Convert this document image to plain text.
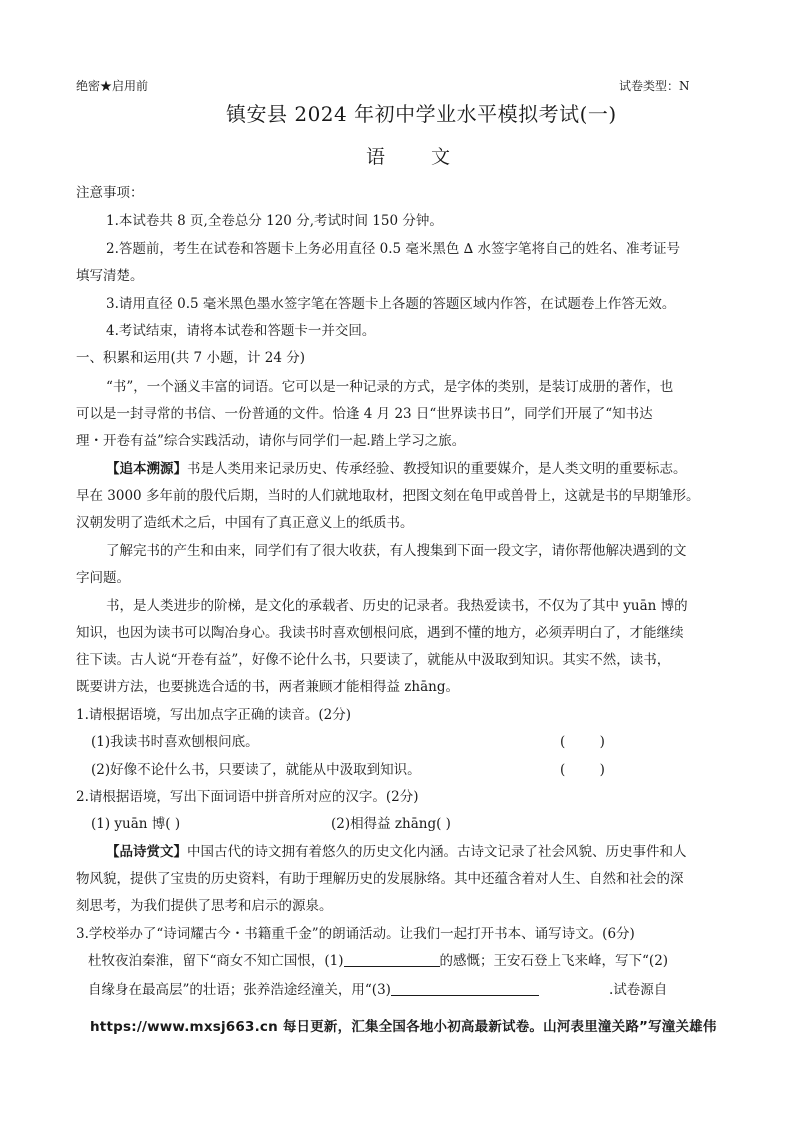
绝密★启用前	试卷类型：N
镇安县 2024 年初中学业水平模拟考试(一)
语 文
注意事项：
1.本试卷共 8 页,全卷总分 120 分,考试时间 150 分钟。
2.答题前，考生在试卷和答题卡上务必用直径 0.5 毫米黑色 ∆ 水签字笔将自己的姓名、准考证号
填写清楚。
3.请用直径 0.5 毫米黑色墨水签字笔在答题卡上各题的答题区域内作答，在试题卷上作答无效。
4.考试结束，请将本试卷和答题卡一并交回。
一、积累和运用(共 7 小题，计 24 分)
“书”，一个涵义丰富的词语。它可以是一种记录的方式，是字体的类别，是装订成册的著作，也
可以是一封寻常的书信、一份普通的文件。恰逢 4 月 23 日“世界读书日”，同学们开展了“知书达
理・开卷有益”综合实践活动，请你与同学们一起.踏上学习之旅。
【追本溯源】书是人类用来记录历史、传承经验、教授知识的重要媒介，是人类文明的重要标志。
早在 3000 多年前的殷代后期，当时的人们就地取材，把图文刻在龟甲或兽骨上，这就是书的早期雏形。
汉朝发明了造纸术之后，中国有了真正意义上的纸质书。
了解完书的产生和由来，同学们有了很大收获，有人搜集到下面一段文字，请你帮他解决遇到的文
字问题。
书，是人类进步的阶梯，是文化的承载者、历史的记录者。我热爱读书，不仅为了其中 yuān 博的
知识，也因为读书可以陶冶身心。我读书时喜欢刨根问底，遇到不懂的地方，必须弄明白了，才能继续
往下读。古人说“开卷有益”，好像不论什么书，只要读了，就能从中汲取到知识。其实不然，读书，
既要讲方法，也要挑选合适的书，两者兼顾才能相得益 zhāng。
1.请根据语境，写出加点字正确的读音。(2分)
(1)我读书时喜欢刨根问底。	(        )
(2)好像不论什么书，只要读了，就能从中汲取到知识。	(        )
2.请根据语境，写出下面词语中拼音所对应的汉字。(2分)
(1) yuān 博( )	(2)相得益 zhāng( )
【品诗赏文】中国古代的诗文拥有着悠久的历史文化内涵。古诗文记录了社会风貌、历史事件和人
物风貌，提供了宝贵的历史资料，有助于理解历史的发展脉络。其中还蕴含着对人生、自然和社会的深
刻思考，为我们提供了思考和启示的源泉。
3.学校举办了“诗词耀古今・书籍重千金”的朗诵活动。让我们一起打开书本、诵写诗文。(6分)
杜牧夜泊秦淮，留下“商女不知亡国恨，(1)	的感慨；王安石登上飞来峰，写下“(2)
自缘身在最高层”的壮语；张养浩途经潼关，用“(3)	.试卷源自
https://www.mxsj663.cn 每日更新，汇集全国各地小初高最新试卷。山河表里潼关路”写潼关雄伟
